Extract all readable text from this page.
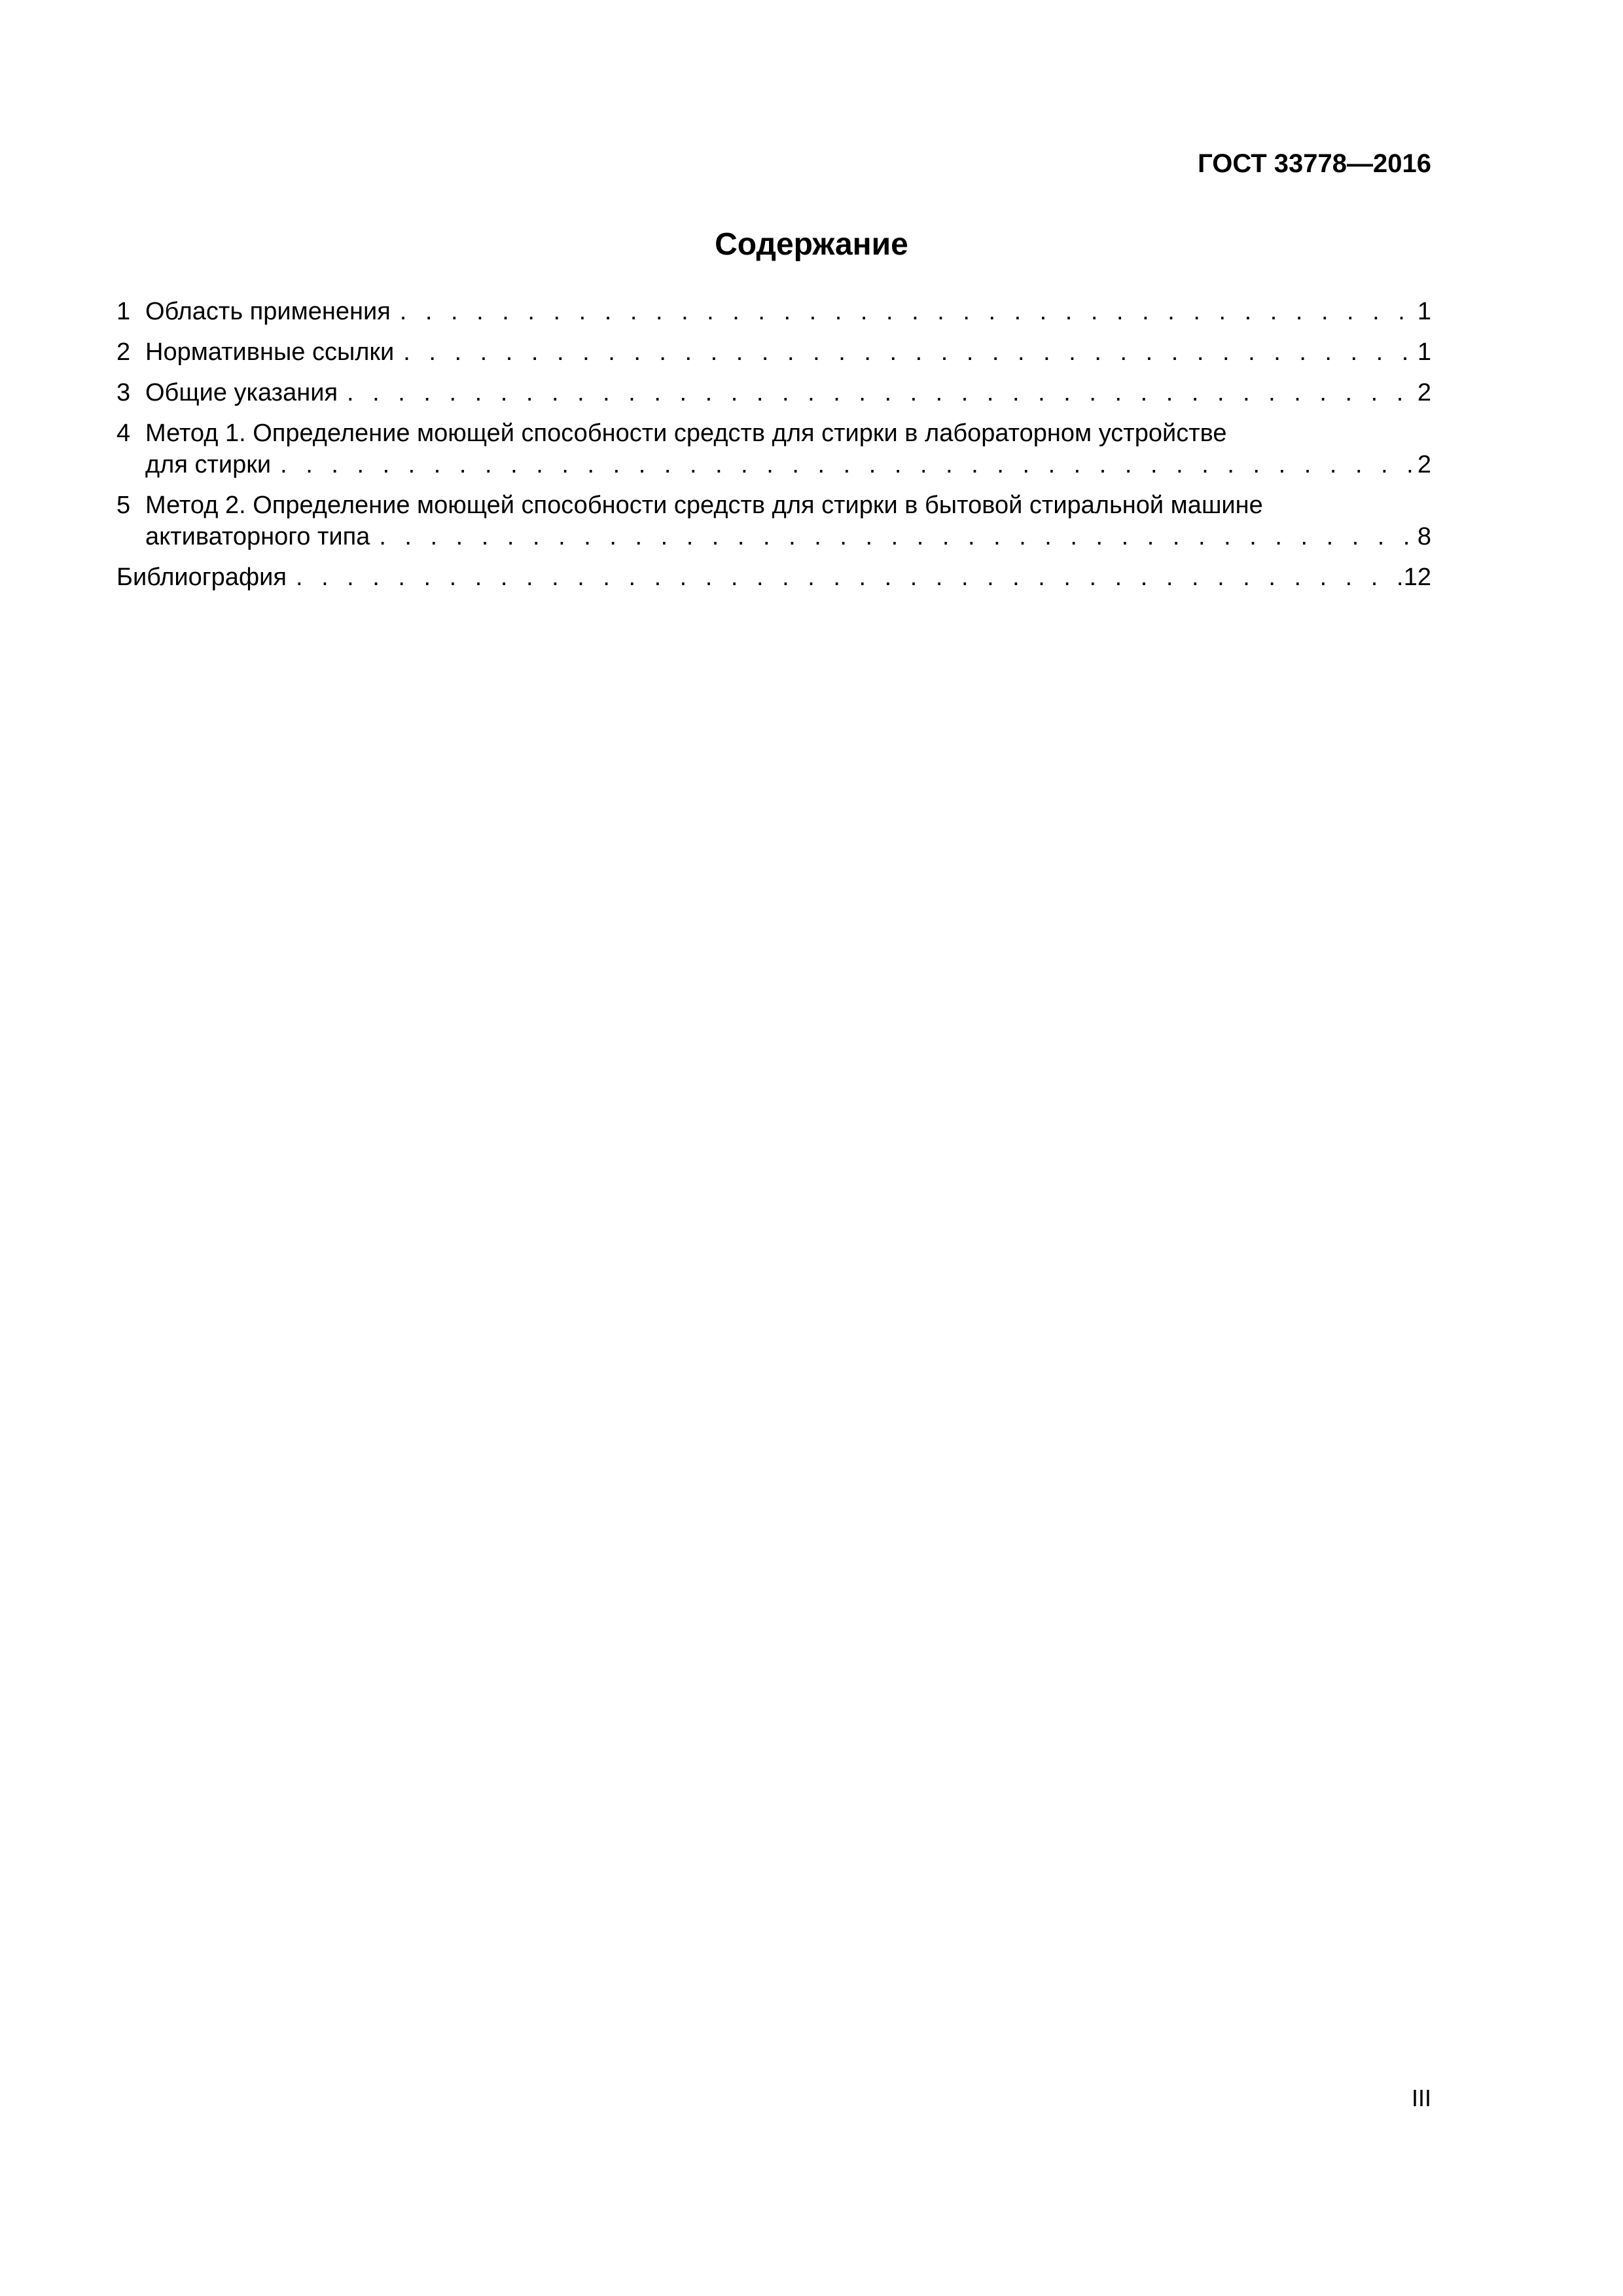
ГОСТ 33778—2016
Содержание
1 Область применения . . .	1
2 Нормативные ссылки . . .	1
3 Общие указания . . .	2
4 Метод 1. Определение моющей способности средств для стирки в лабораторном устройстве
для стирки . . .	2
5 Метод 2. Определение моющей способности средств для стирки в бытовой стиральной машине
активаторного типа . . .	8
Библиография . . .	12
III
